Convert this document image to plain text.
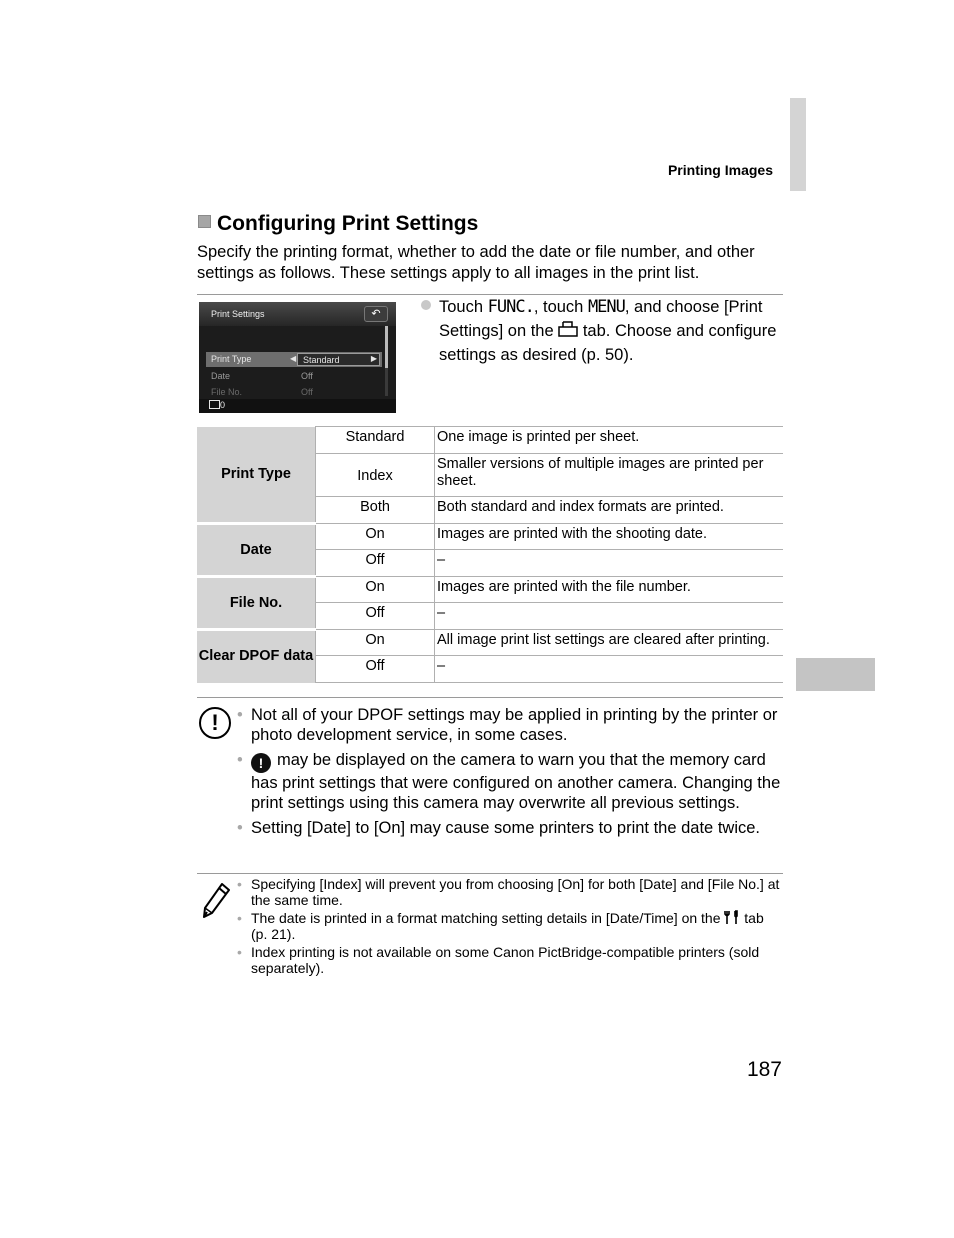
Printing Images
Configuring Print Settings
Specify the printing format, whether to add the date or file number, and other settings as follows. These settings apply to all images in the print list.
Print Settings	↶
Print Type	◀ Standard	▶
Date	Off
File No.	Off
0
Touch FUNC., touch MENU, and choose [Print Settings] on the  tab. Choose and configure settings as desired (p. 50).
Print Type	Standard	One image is printed per sheet.
	Index	Smaller versions of multiple images are printed per sheet.
	Both	Both standard and index formats are printed.
Date	On	Images are printed with the shooting date.
	Off	–
File No.	On	Images are printed with the file number.
	Off	–
Clear DPOF data	On	All image print list settings are cleared after printing.
	Off	–
!	• Not all of your DPOF settings may be applied in printing by the printer or photo development service, in some cases.
• ! may be displayed on the camera to warn you that the memory card has print settings that were configured on another camera. Changing the print settings using this camera may overwrite all previous settings.
• Setting [Date] to [On] may cause some printers to print the date twice.
• Specifying [Index] will prevent you from choosing [On] for both [Date] and [File No.] at the same time.
• The date is printed in a format matching setting details in [Date/Time] on the  tab (p. 21).
• Index printing is not available on some Canon PictBridge-compatible printers (sold separately).
187
